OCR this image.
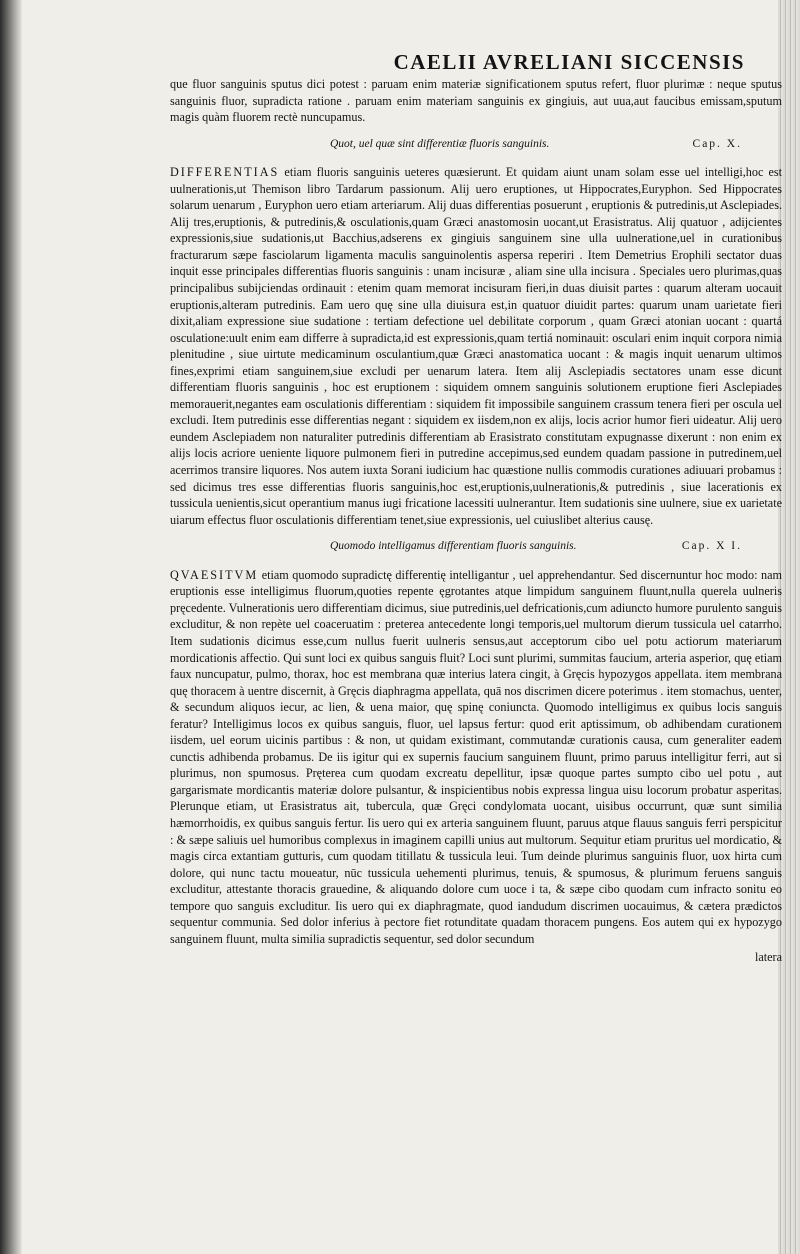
CAELII AVRELIANI SICCENSIS

que fluor sanguinis sputus dici potest : paruam enim materiæ significationem sputus refert, fluor plurimæ : neque sputus sanguinis fluor, supradicta ratione . paruam enim materiam sanguinis ex gingiuis, aut uua,aut faucibus emissam,sputum magis quàm fluorem rectè nuncupamus.

Quot, uel quæ sint differentiæ fluoris sanguinis.	Cap. X.

DIFFERENTIAS etiam fluoris sanguinis ueteres quæsierunt. Et quidam aiunt unam solam esse uel intelligi,hoc est uulnerationis,ut Themison libro Tardarum passionum. Alij uero eruptiones, ut Hippocrates,Euryphon. Sed Hippocrates solarum uenarum , Euryphon uero etiam arteriarum. Alij duas differentias posuerunt , eruptionis & putredinis,ut Asclepiades. Alij tres,eruptionis, & putredinis,& osculationis,quam Græci anastomosin uocant,ut Erasistratus. Alij quatuor , adijcientes expressionis,siue sudationis,ut Bacchius,adserens ex gingiuis sanguinem sine ulla uulneratione,uel in curationibus fracturarum sæpe fasciolarum ligamenta maculis sanguinolentis aspersa reperiri . Item Demetrius Erophili sectator duas inquit esse principales differentias fluoris sanguinis : unam incisuræ , aliam sine ulla incisura . Speciales uero plurimas,quas principalibus subijciendas ordinauit : etenim quam memorat incisuram fieri,in duas diuisit partes : quarum alteram uocauit eruptionis,alteram putredinis. Eam uero quę sine ulla diuisura est,in quatuor diuidit partes: quarum unam uarietate fieri dixit,aliam expressione siue sudatione : tertiam defectione uel debilitate corporum , quam Græci atonian uocant : quartá osculatione:uult enim eam differre à supradicta,id est expressionis,quam tertiá nominauit: osculari enim inquit corpora nimia plenitudine , siue uirtute medicaminum osculantium,quæ Græci anastomatica uocant : & magis inquit uenarum ultimos fines,exprimi etiam sanguinem,siue excludi per uenarum latera. Item alij Asclepiadis sectatores unam esse dicunt differentiam fluoris sanguinis , hoc est eruptionem : siquidem omnem sanguinis solutionem eruptione fieri Asclepiades memorauerit,negantes eam osculationis differentiam : siquidem fit impossibile sanguinem crassum tenera fieri per oscula uel excludi. Item putredinis esse differentias negant : siquidem ex iisdem,non ex alijs, locis acrior humor fieri uideatur. Alij uero eundem Asclepiadem non naturaliter putredinis differentiam ab Erasistrato constitutam expugnasse dixerunt : non enim ex alijs locis acriore ueniente liquore pulmonem fieri in putredine accepimus,sed eundem quadam passione in putredinem,uel acerrimos transire liquores. Nos autem iuxta Sorani iudicium hac quæstione nullis commodis curationes adiuuari probamus : sed dicimus tres esse differentias fluoris sanguinis,hoc est,eruptionis,uulnerationis,& putredinis , siue lacerationis ex tussicula uenientis,sicut operantium manus iugi fricatione lacessiti uulnerantur. Item sudationis sine uulnere, siue ex uarietate uiarum effectus fluor osculationis differentiam tenet,siue expressionis, uel cuiuslibet alterius causę.

Quomodo intelligamus differentiam fluoris sanguinis.	Cap. X I.

QVAESITVM etiam quomodo supradictę differentię intelligantur , uel apprehendantur. Sed discernuntur hoc modo: nam eruptionis esse intelligimus fluorum,quoties repente ęgrotantes atque limpidum sanguinem fluunt,nulla querela uulneris pręcedente. Vulnerationis uero differentiam dicimus, siue putredinis,uel defricationis,cum adiuncto humore purulento sanguis excluditur, & non repète uel coaceruatim : preterea antecedente longi temporis,uel multorum dierum tussicula uel catarrho. Item sudationis dicimus esse,cum nullus fuerit uulneris sensus,aut acceptorum cibo uel potu actiorum materiarum mordicationis affectio. Qui sunt loci ex quibus sanguis fluit? Loci sunt plurimi, summitas faucium, arteria asperior, quę etiam faux nuncupatur, pulmo, thorax, hoc est membrana quæ interius latera cingit, à Gręcis hypozygos appellata. item membrana quę thoracem à uentre discernit, à Gręcis diaphragma appellata, quā nos discrimen dicere poterimus . item stomachus, uenter, & secundum aliquos iecur, ac lien, & uena maior, quę spinę coniuncta. Quomodo intelligimus ex quibus locis sanguis feratur? Intelligimus locos ex quibus sanguis, fluor, uel lapsus fertur: quod erit aptissimum, ob adhibendam curationem iisdem, uel eorum uicinis partibus : & non, ut quidam existimant, commutandæ curationis causa, cum generaliter eadem cunctis adhibenda probamus. De iis igitur qui ex supernis faucium sanguinem fluunt, primo paruus intelligitur ferri, aut si plurimus, non spumosus. Pręterea cum quodam excreatu depellitur, ipsæ quoque partes sumpto cibo uel potu , aut gargarismate mordicantis materiæ dolore pulsantur, & inspicientibus nobis expressa lingua uisu locorum probatur asperitas. Plerunque etiam, ut Erasistratus ait, tubercula, quæ Gręci condylomata uocant, uisibus occurrunt, quæ sunt similia hæmorrhoidis, ex quibus sanguis fertur. Iis uero qui ex arteria sanguinem fluunt, paruus atque flauus sanguis ferri perspicitur : & sæpe saliuis uel humoribus complexus in imaginem capilli unius aut multorum. Sequitur etiam pruritus uel mordicatio, & magis circa extantiam gutturis, cum quodam titillatu & tussicula leui. Tum deinde plurimus sanguinis fluor, uox hirta cum dolore, qui nunc tactu moueatur, nūc tussicula uehementi plurimus, tenuis, & spumosus, & plurimum feruens sanguis excluditur, attestante thoracis grauedine, & aliquando dolore cum uoce i ta, & sæpe cibo quodam cum infracto sonitu eo tempore quo sanguis excluditur. Iis uero qui ex diaphragmate, quod iandudum discrimen uocauimus, & cætera prædictos sequentur communia. Sed dolor inferius à pectore fiet rotunditate quadam thoracem pungens. Eos autem qui ex hypozygo sanguinem fluunt, multa similia supradictis sequentur, sed dolor secundum

latera
